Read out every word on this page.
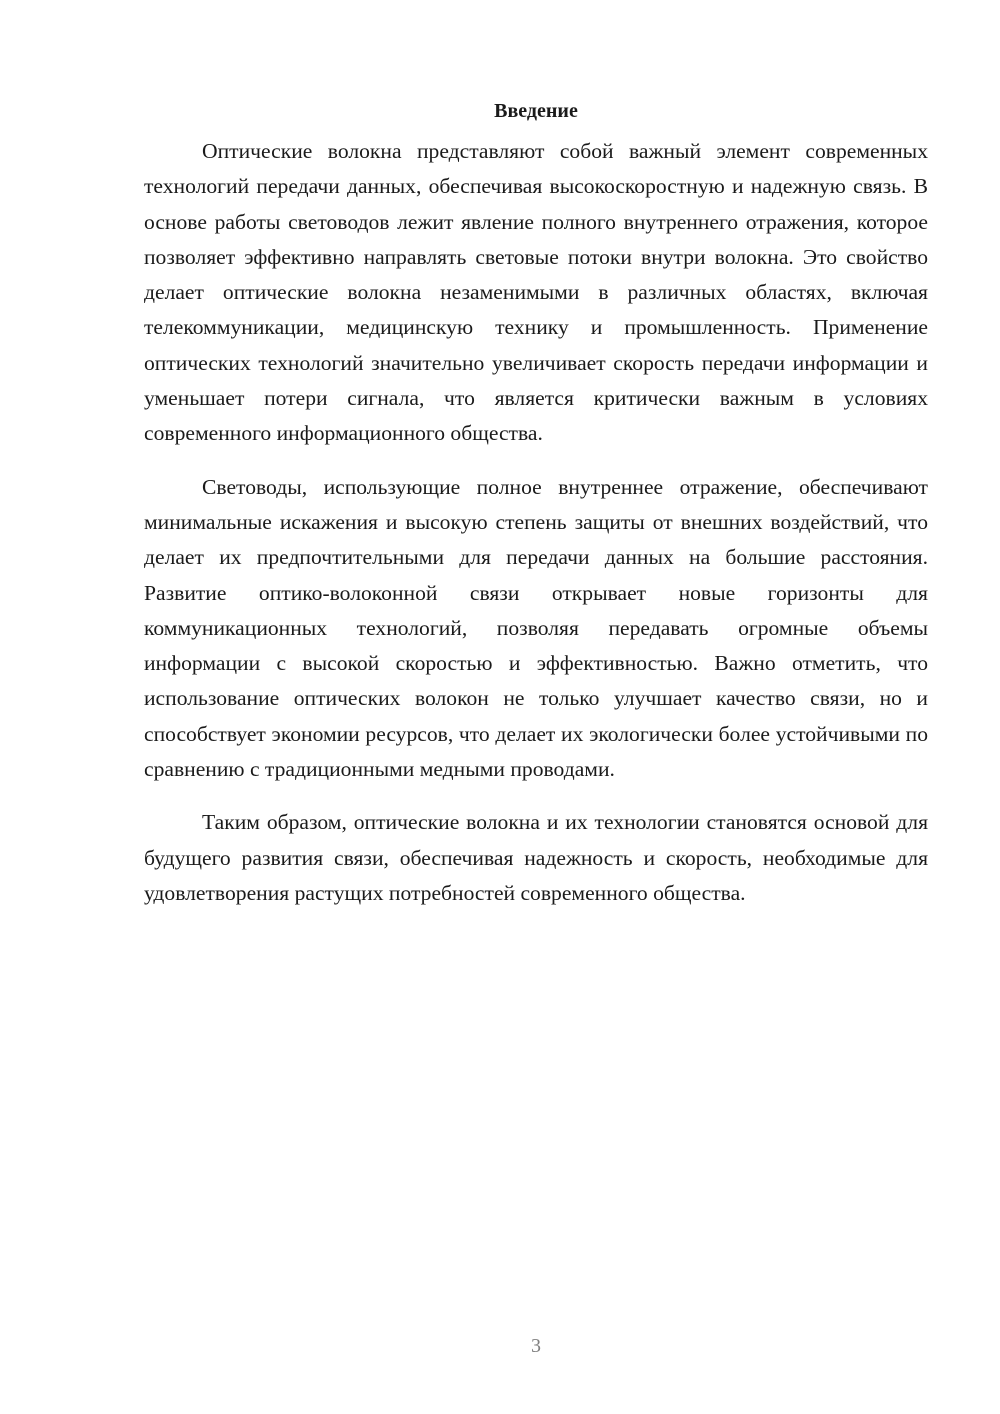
Введение

Оптические волокна представляют собой важный элемент современных технологий передачи данных, обеспечивая высокоскоростную и надежную связь. В основе работы световодов лежит явление полного внутреннего отражения, которое позволяет эффективно направлять световые потоки внутри волокна. Это свойство делает оптические волокна незаменимыми в различных областях, включая телекоммуникации, медицинскую технику и промышленность. Применение оптических технологий значительно увеличивает скорость передачи информации и уменьшает потери сигнала, что является критически важным в условиях современного информационного общества.

Световоды, использующие полное внутреннее отражение, обеспечивают минимальные искажения и высокую степень защиты от внешних воздействий, что делает их предпочтительными для передачи данных на большие расстояния. Развитие оптико-волоконной связи открывает новые горизонты для коммуникационных технологий, позволяя передавать огромные объемы информации с высокой скоростью и эффективностью. Важно отметить, что использование оптических волокон не только улучшает качество связи, но и способствует экономии ресурсов, что делает их экологически более устойчивыми по сравнению с традиционными медными проводами.

Таким образом, оптические волокна и их технологии становятся основой для будущего развития связи, обеспечивая надежность и скорость, необходимые для удовлетворения растущих потребностей современного общества.

3
